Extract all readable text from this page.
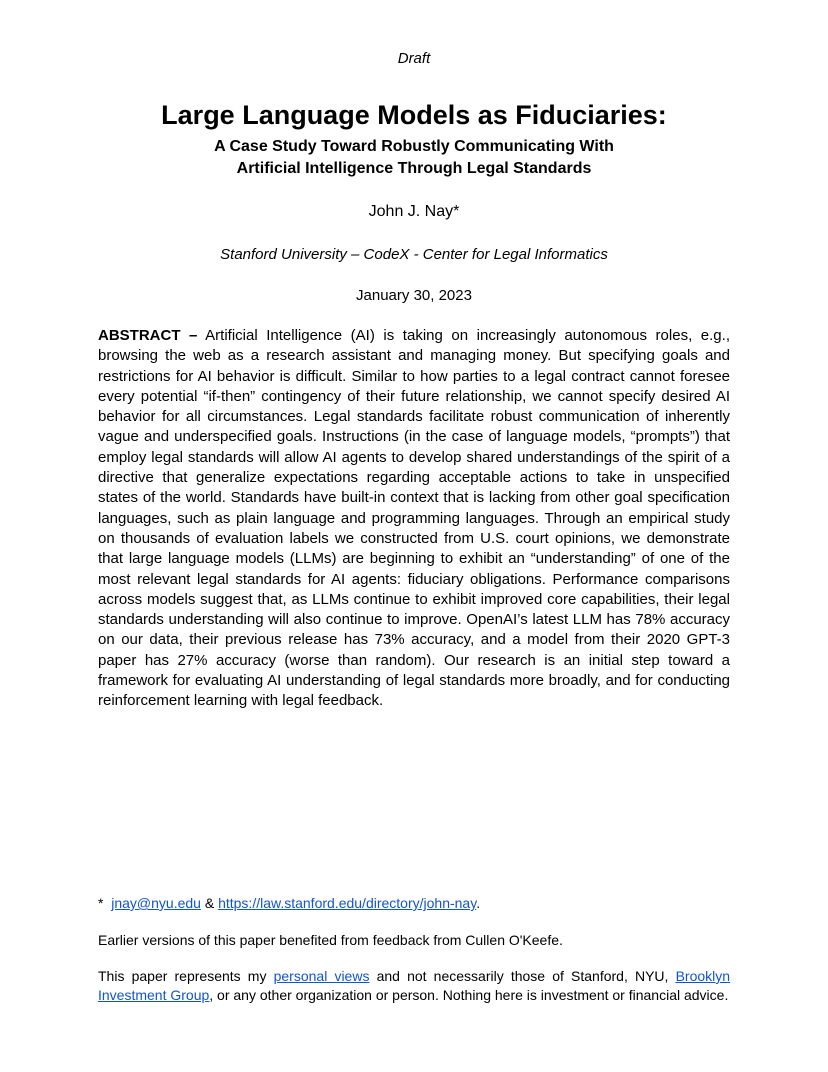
Draft
Large Language Models as Fiduciaries:
A Case Study Toward Robustly Communicating With
Artificial Intelligence Through Legal Standards
John J. Nay*
Stanford University – CodeX - Center for Legal Informatics
January 30, 2023

ABSTRACT – Artificial Intelligence (AI) is taking on increasingly autonomous roles, e.g., browsing the web as a research assistant and managing money. But specifying goals and restrictions for AI behavior is difficult. Similar to how parties to a legal contract cannot foresee every potential “if-then” contingency of their future relationship, we cannot specify desired AI behavior for all circumstances. Legal standards facilitate robust communication of inherently vague and underspecified goals. Instructions (in the case of language models, “prompts”) that employ legal standards will allow AI agents to develop shared understandings of the spirit of a directive that generalize expectations regarding acceptable actions to take in unspecified states of the world. Standards have built-in context that is lacking from other goal specification languages, such as plain language and programming languages. Through an empirical study on thousands of evaluation labels we constructed from U.S. court opinions, we demonstrate that large language models (LLMs) are beginning to exhibit an “understanding” of one of the most relevant legal standards for AI agents: fiduciary obligations. Performance comparisons across models suggest that, as LLMs continue to exhibit improved core capabilities, their legal standards understanding will also continue to improve. OpenAI’s latest LLM has 78% accuracy on our data, their previous release has 73% accuracy, and a model from their 2020 GPT-3 paper has 27% accuracy (worse than random). Our research is an initial step toward a framework for evaluating AI understanding of legal standards more broadly, and for conducting reinforcement learning with legal feedback.

* jnay@nyu.edu & https://law.stanford.edu/directory/john-nay.
Earlier versions of this paper benefited from feedback from Cullen O'Keefe.

This paper represents my personal views and not necessarily those of Stanford, NYU, Brooklyn Investment Group, or any other organization or person. Nothing here is investment or financial advice.
